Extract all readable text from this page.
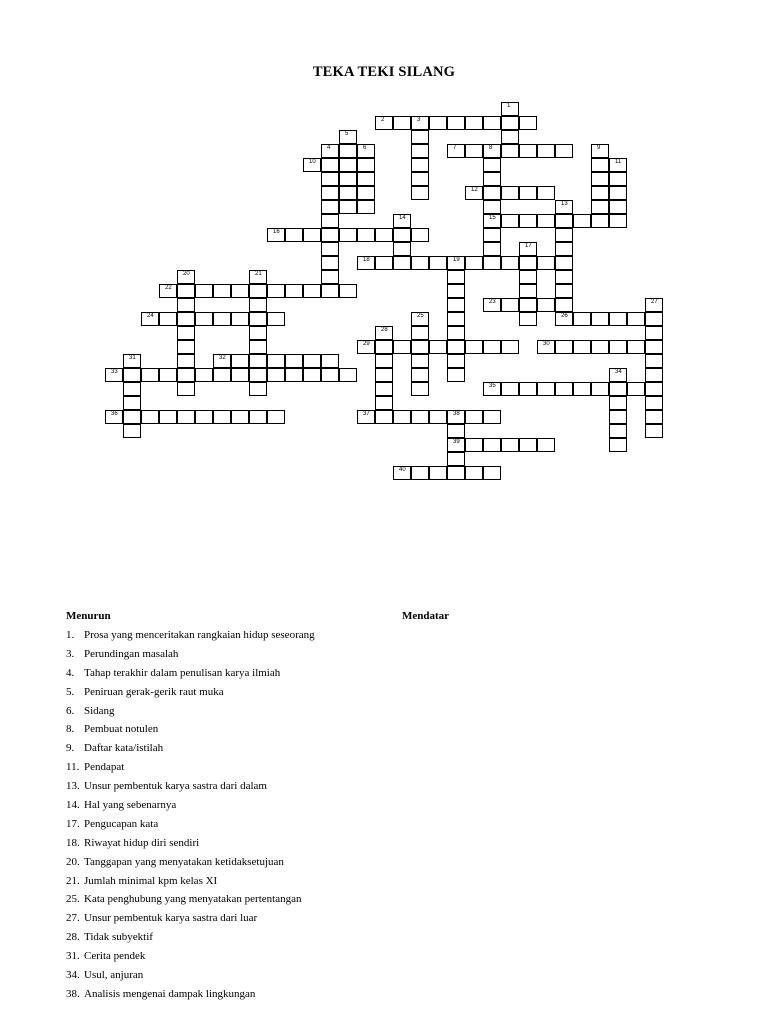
TEKA TEKI SILANG
1
2	3
4
5
6	7	8	9
10	11
12
13
14	15
16
17
18	19
20	21
22
23
24	25	26
27
28
29	30
31	32
33	34
35
36	37	38
39
40
Menurun	Mendatar
1. Prosa yang menceritakan rangkaian hidup seseorang
3. Perundingan masalah
4. Tahap terakhir dalam penulisan karya ilmiah
5. Peniruan gerak-gerik raut muka
6. Sidang
8. Pembuat notulen
9. Daftar kata/istilah
11. Pendapat
13. Unsur pembentuk karya sastra dari dalam
14. Hal yang sebenarnya
17. Pengucapan kata
18. Riwayat hidup diri sendiri
20. Tanggapan yang menyatakan ketidaksetujuan
21. Jumlah minimal kpm kelas XI
25. Kata penghubung yang menyatakan pertentangan
27. Unsur pembentuk karya sastra dari luar
28. Tidak subyektif
31. Cerita pendek
34. Usul, anjuran
38. Analisis mengenai dampak lingkungan
